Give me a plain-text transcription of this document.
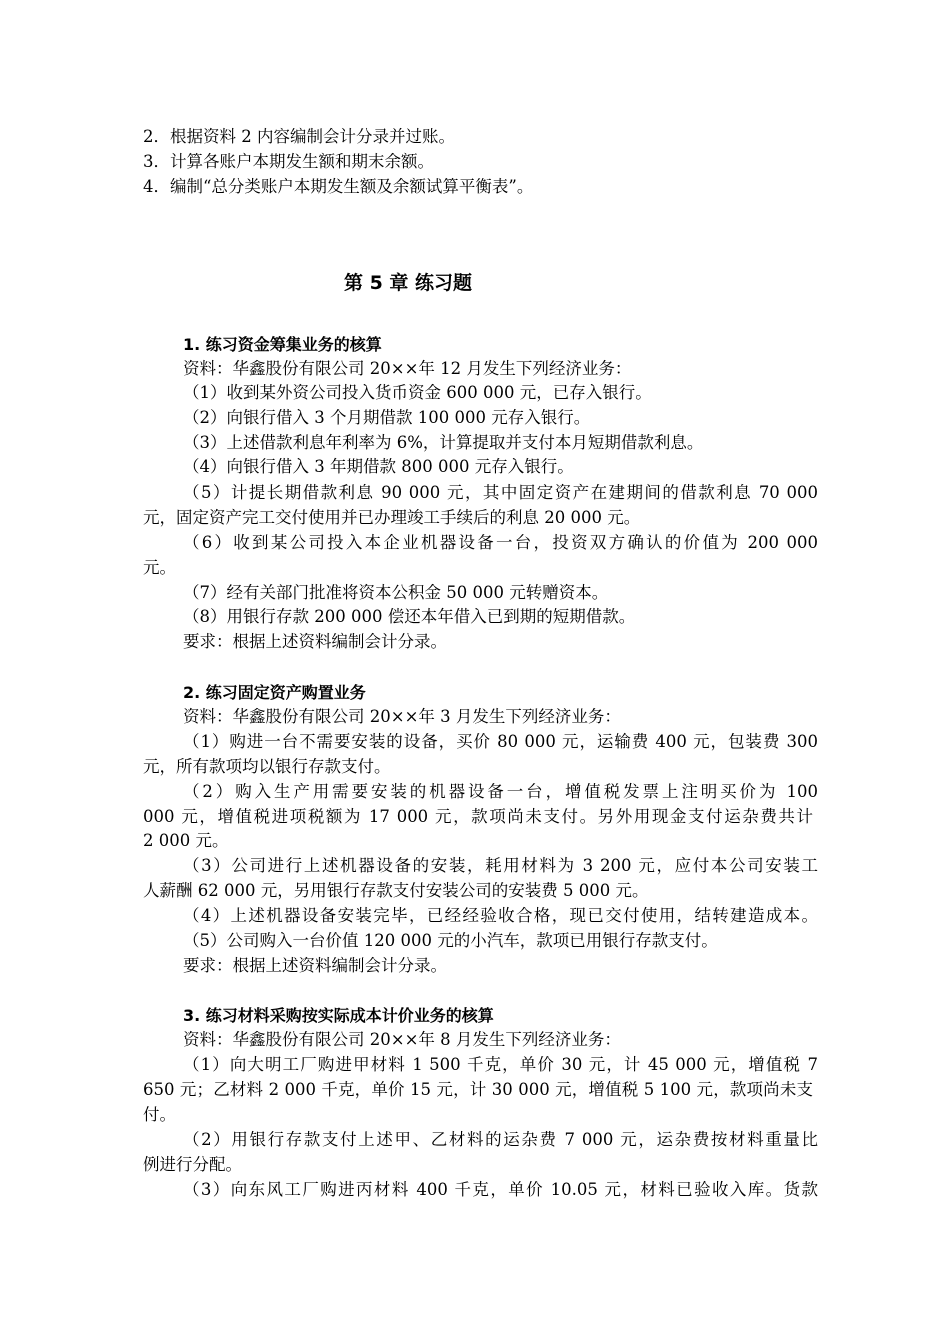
2．根据资料 2 内容编制会计分录并过账。
3．计算各账户本期发生额和期末余额。
4．编制“总分类账户本期发生额及余额试算平衡表”。
第 5 章 练习题
1. 练习资金筹集业务的核算
资料：华鑫股份有限公司 20××年 12 月发生下列经济业务：
（1）收到某外资公司投入货币资金 600 000 元，已存入银行。
（2）向银行借入 3 个月期借款 100 000 元存入银行。
（3）上述借款利息年利率为 6%，计算提取并支付本月短期借款利息。
（4）向银行借入 3 年期借款 800 000 元存入银行。
（5）计提长期借款利息 90 000 元，其中固定资产在建期间的借款利息 70 000
元，固定资产完工交付使用并已办理竣工手续后的利息 20 000 元。
（6）收到某公司投入本企业机器设备一台，投资双方确认的价值为 200 000
元。
（7）经有关部门批准将资本公积金 50 000 元转赠资本。
（8）用银行存款 200 000 偿还本年借入已到期的短期借款。
要求：根据上述资料编制会计分录。
2. 练习固定资产购置业务
资料：华鑫股份有限公司 20××年 3 月发生下列经济业务：
（1）购进一台不需要安装的设备，买价 80 000 元，运输费 400 元，包装费 300
元，所有款项均以银行存款支付。
（2）购入生产用需要安装的机器设备一台，增值税发票上注明买价为 100
000 元，增值税进项税额为 17 000 元，款项尚未支付。另外用现金支付运杂费共计
2 000 元。
（3）公司进行上述机器设备的安装，耗用材料为 3 200 元，应付本公司安装工
人薪酬 62 000 元，另用银行存款支付安装公司的安装费 5 000 元。
（4）上述机器设备安装完毕，已经经验收合格，现已交付使用，结转建造成本。
（5）公司购入一台价值 120 000 元的小汽车，款项已用银行存款支付。
要求：根据上述资料编制会计分录。
3. 练习材料采购按实际成本计价业务的核算
资料：华鑫股份有限公司 20××年 8 月发生下列经济业务：
（1）向大明工厂购进甲材料 1 500 千克，单价 30 元，计 45 000 元，增值税 7
650 元；乙材料 2 000 千克，单价 15 元，计 30 000 元，增值税 5 100 元，款项尚未支
付。
（2）用银行存款支付上述甲、乙材料的运杂费 7 000 元，运杂费按材料重量比
例进行分配。
（3）向东风工厂购进丙材料 400 千克，单价 10.05 元，材料已验收入库。货款
